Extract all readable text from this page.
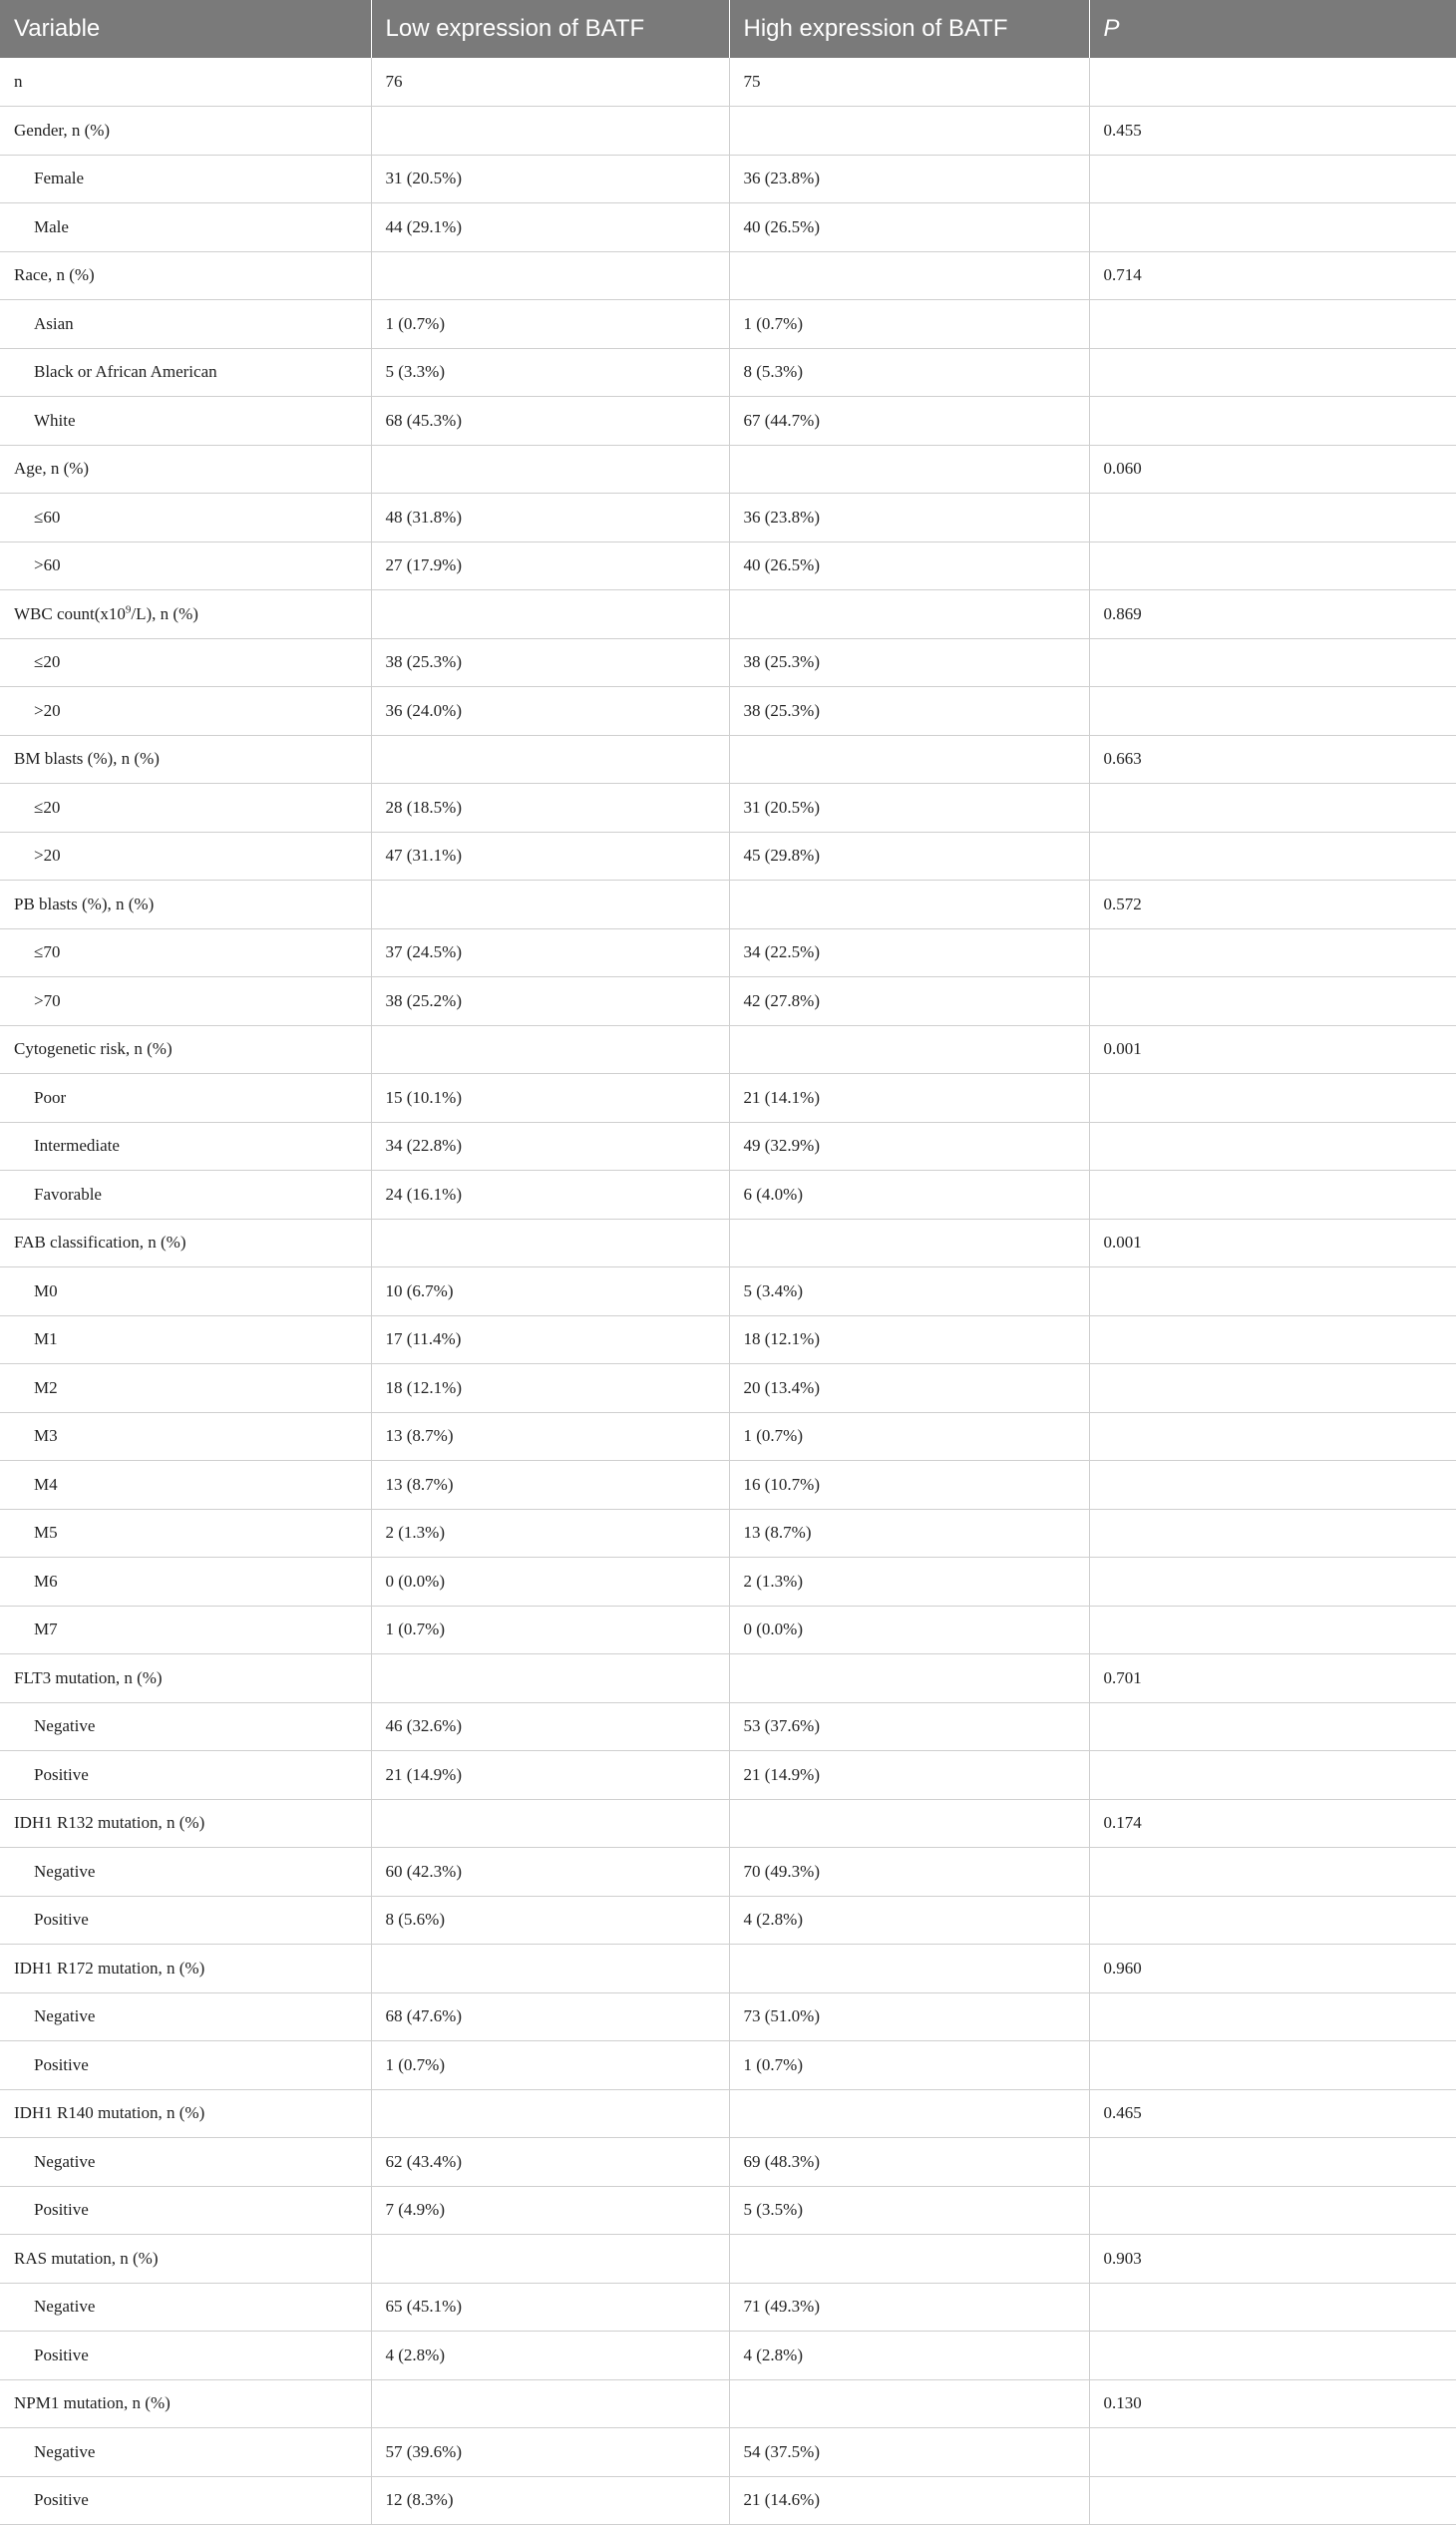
Variable	Low expression of BATF	High expression of BATF	P
n	76	75	
Gender, n (%)			0.455
Female	31 (20.5%)	36 (23.8%)	
Male	44 (29.1%)	40 (26.5%)	
Race, n (%)			0.714
Asian	1 (0.7%)	1 (0.7%)	
Black or African American	5 (3.3%)	8 (5.3%)	
White	68 (45.3%)	67 (44.7%)	
Age, n (%)			0.060
≤60	48 (31.8%)	36 (23.8%)	
>60	27 (17.9%)	40 (26.5%)	
WBC $count(x10^9/L)$, n (%)			0.869
≤20	38 (25.3%)	38 (25.3%)	
>20	36 (24.0%)	38 (25.3%)	
BM blasts (%), n (%)			0.663
≤20	28 (18.5%)	31 (20.5%)	
>20	47 (31.1%)	45 (29.8%)	
PB blasts (%), n (%)			0.572
≤70	37 (24.5%)	34 (22.5%)	
>70	38 (25.2%)	42 (27.8%)	
Cytogenetic risk, n (%)			0.001
Poor	15 (10.1%)	21 (14.1%)	
Intermediate	34 (22.8%)	49 (32.9%)	
Favorable	24 (16.1%)	6 (4.0%)	
FAB classification, n (%)			0.001
M0	10 (6.7%)	5 (3.4%)	
M1	17 (11.4%)	18 (12.1%)	
M2	18 (12.1%)	20 (13.4%)	
M3	13 (8.7%)	1 (0.7%)	
M4	13 (8.7%)	16 (10.7%)	
M5	2 (1.3%)	13 (8.7%)	
M6	0 (0.0%)	2 (1.3%)	
M7	1 (0.7%)	0 (0.0%)	
FLT3 mutation, n (%)			0.701
Negative	46 (32.6%)	53 (37.6%)	
Positive	21 (14.9%)	21 (14.9%)	
IDH1 R132 mutation, n (%)			0.174
Negative	60 (42.3%)	70 (49.3%)	
Positive	8 (5.6%)	4 (2.8%)	
IDH1 R172 mutation, n (%)			0.960
Negative	68 (47.6%)	73 (51.0%)	
Positive	1 (0.7%)	1 (0.7%)	
IDH1 R140 mutation, n (%)			0.465
Negative	62 (43.4%)	69 (48.3%)	
Positive	7 (4.9%)	5 (3.5%)	
RAS mutation, n (%)			0.903
Negative	65 (45.1%)	71 (49.3%)	
Positive	4 (2.8%)	4 (2.8%)	
NPM1 mutation, n (%)			0.130
Negative	57 (39.6%)	54 (37.5%)	
Positive	12 (8.3%)	21 (14.6%)	
